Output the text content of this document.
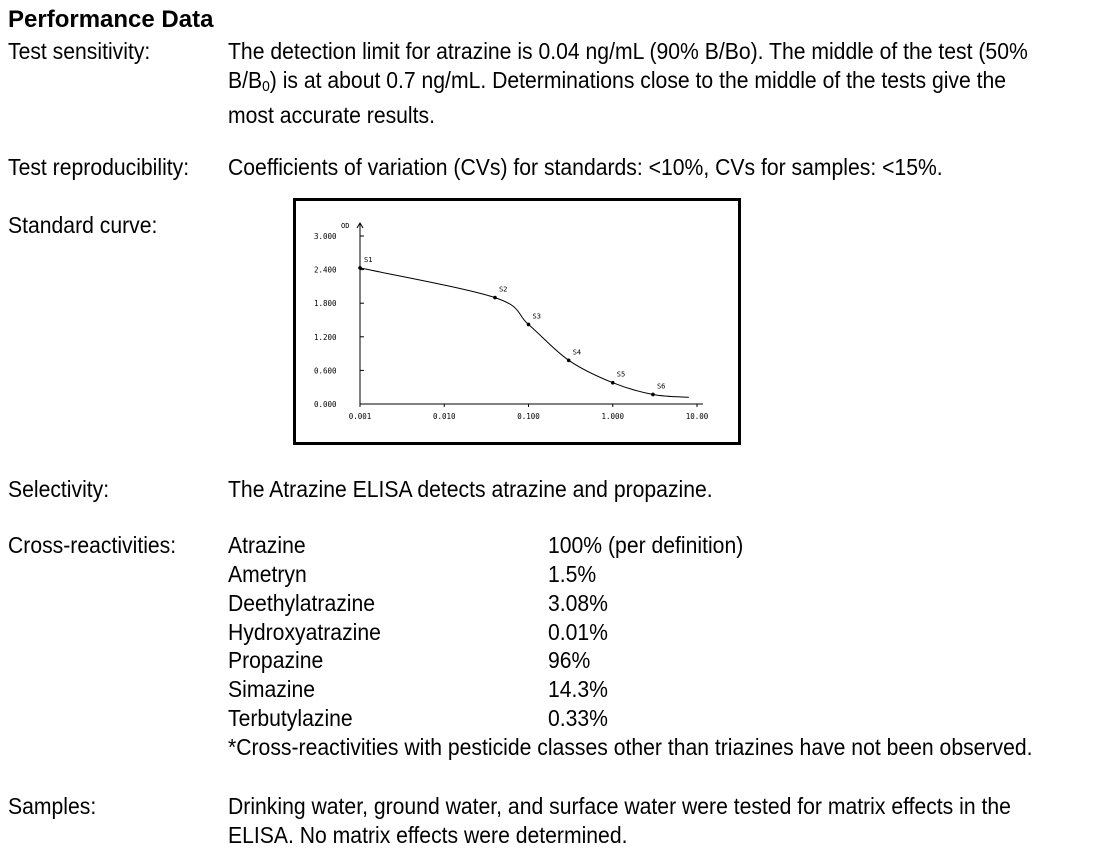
Performance Data
Test sensitivity:	The detection limit for atrazine is 0.04 ng/mL (90% B/Bo). The middle of the test (50%
$B/B_0$) is at about 0.7 ng/mL. Determinations close to the middle of the tests give the
most accurate results.
Test reproducibility: Coefficients of variation (CVs) for standards: <10%, CVs for samples: <15%.
Standard curve:	OD
0.000
0.600
1.200
1.800
2.400
3.000
0.001	0.010	0.100	1.000	10.00
S1
S2
S3
S4
S5
S6
Selectivity:	The Atrazine ELISA detects atrazine and propazine.
Cross-reactivities: Atrazine	100% (per definition)
Ametryn	1.5%
Deethylatrazine	3.08%
Hydroxyatrazine	0.01%
Propazine	96%
Simazine	14.3%
Terbutylazine	0.33%
*Cross-reactivities with pesticide classes other than triazines have not been observed.
Samples:	Drinking water, ground water, and surface water were tested for matrix effects in the
ELISA. No matrix effects were determined.
